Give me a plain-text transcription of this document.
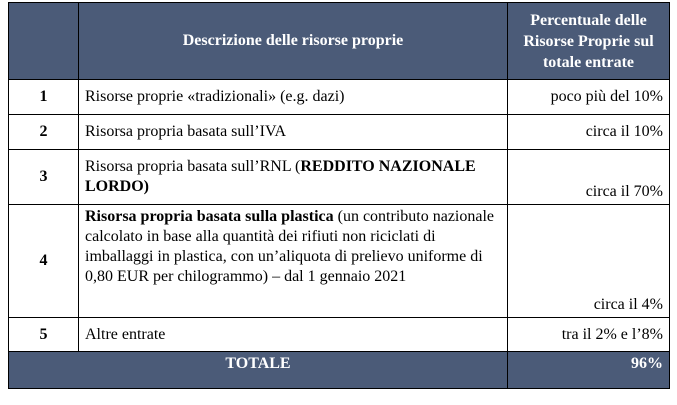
	Descrizione delle risorse proprie	Percentuale delle Risorse Proprie sul totale entrate
1	Risorse proprie «tradizionali» (e.g. dazi)	poco più del 10%
2	Risorsa propria basata sull’IVA	circa il 10%
3	Risorsa propria basata sull’RNL (REDDITO NAZIONALE LORDO)	circa il 70%
4	Risorsa propria basata sulla plastica (un contributo nazionale calcolato in base alla quantità dei rifiuti non riciclati di imballaggi in plastica, con un’aliquota di prelievo uniforme di 0,80 EUR per chilogrammo) – dal 1 gennaio 2021	circa il 4%
5	Altre entrate	tra il 2% e l’8%
TOTALE		96%
